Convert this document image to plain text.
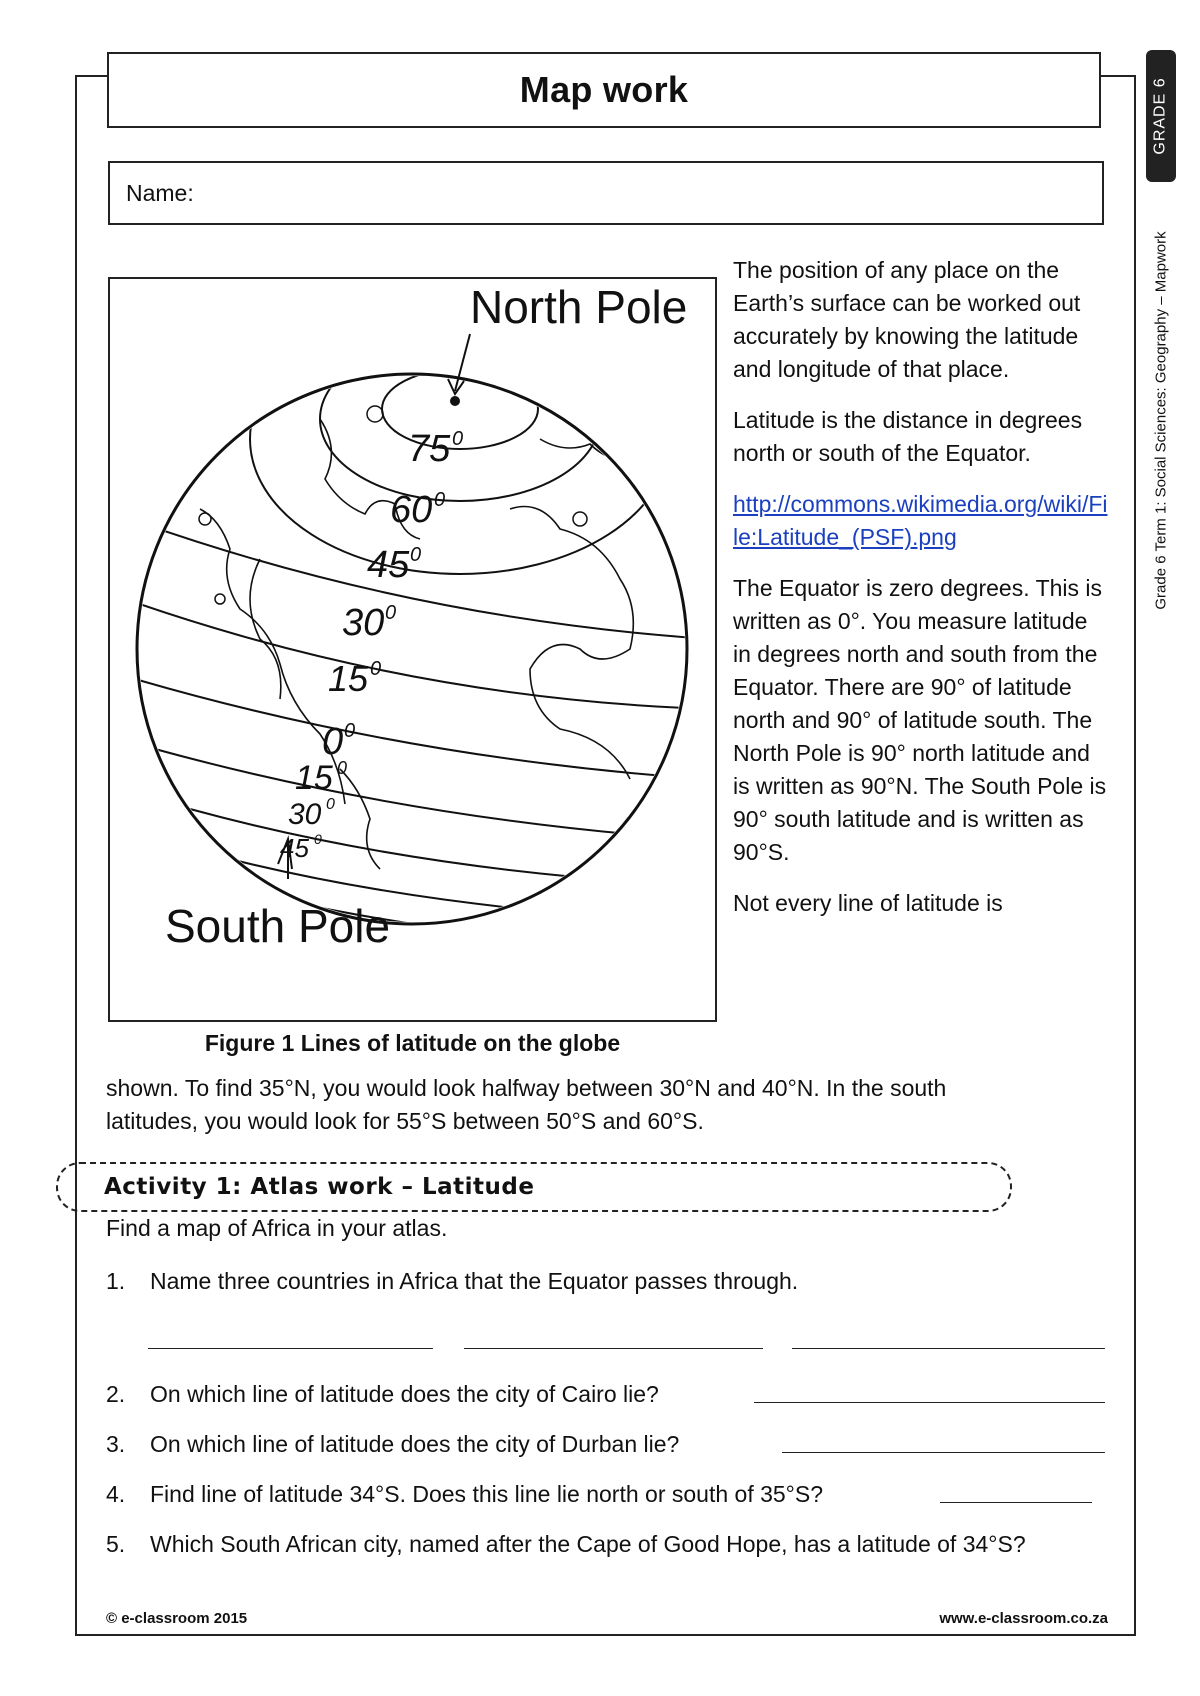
Map work
Name:
GRADE 6
Grade 6 Term 1: Social Sciences: Geography – Mapwork
North Pole
South Pole
75 0
60 0
45 0
30 0
15 0
0 0
15 0
30 0
45 0
Figure 1 Lines of latitude on the globe

The position of any place on the Earth’s surface can be worked out accurately by knowing the latitude and longitude of that place.

Latitude is the distance in degrees north or south of the Equator.

http://commons.wikimedia.org/wiki/File:Latitude_(PSF).png

The Equator is zero degrees. This is written as 0°. You measure latitude in degrees north and south from the Equator. There are 90° of latitude north and 90° of latitude south. The North Pole is 90° north latitude and is written as 90°N. The South Pole is 90° south latitude and is written as 90°S.

Not every line of latitude is

shown. To find 35°N, you would look halfway between 30°N and 40°N. In the south
latitudes, you would look for 55°S between 50°S and 60°S.
Activity 1: Atlas work – Latitude
Find a map of Africa in your atlas.
1.	Name three countries in Africa that the Equator passes through.
2.	On which line of latitude does the city of Cairo lie?
3.	On which line of latitude does the city of Durban lie?
4.	Find line of latitude 34°S. Does this line lie north or south of 35°S?
5.	Which South African city, named after the Cape of Good Hope, has a latitude of 34°S?
© e-classroom 2015	www.e-classroom.co.za
